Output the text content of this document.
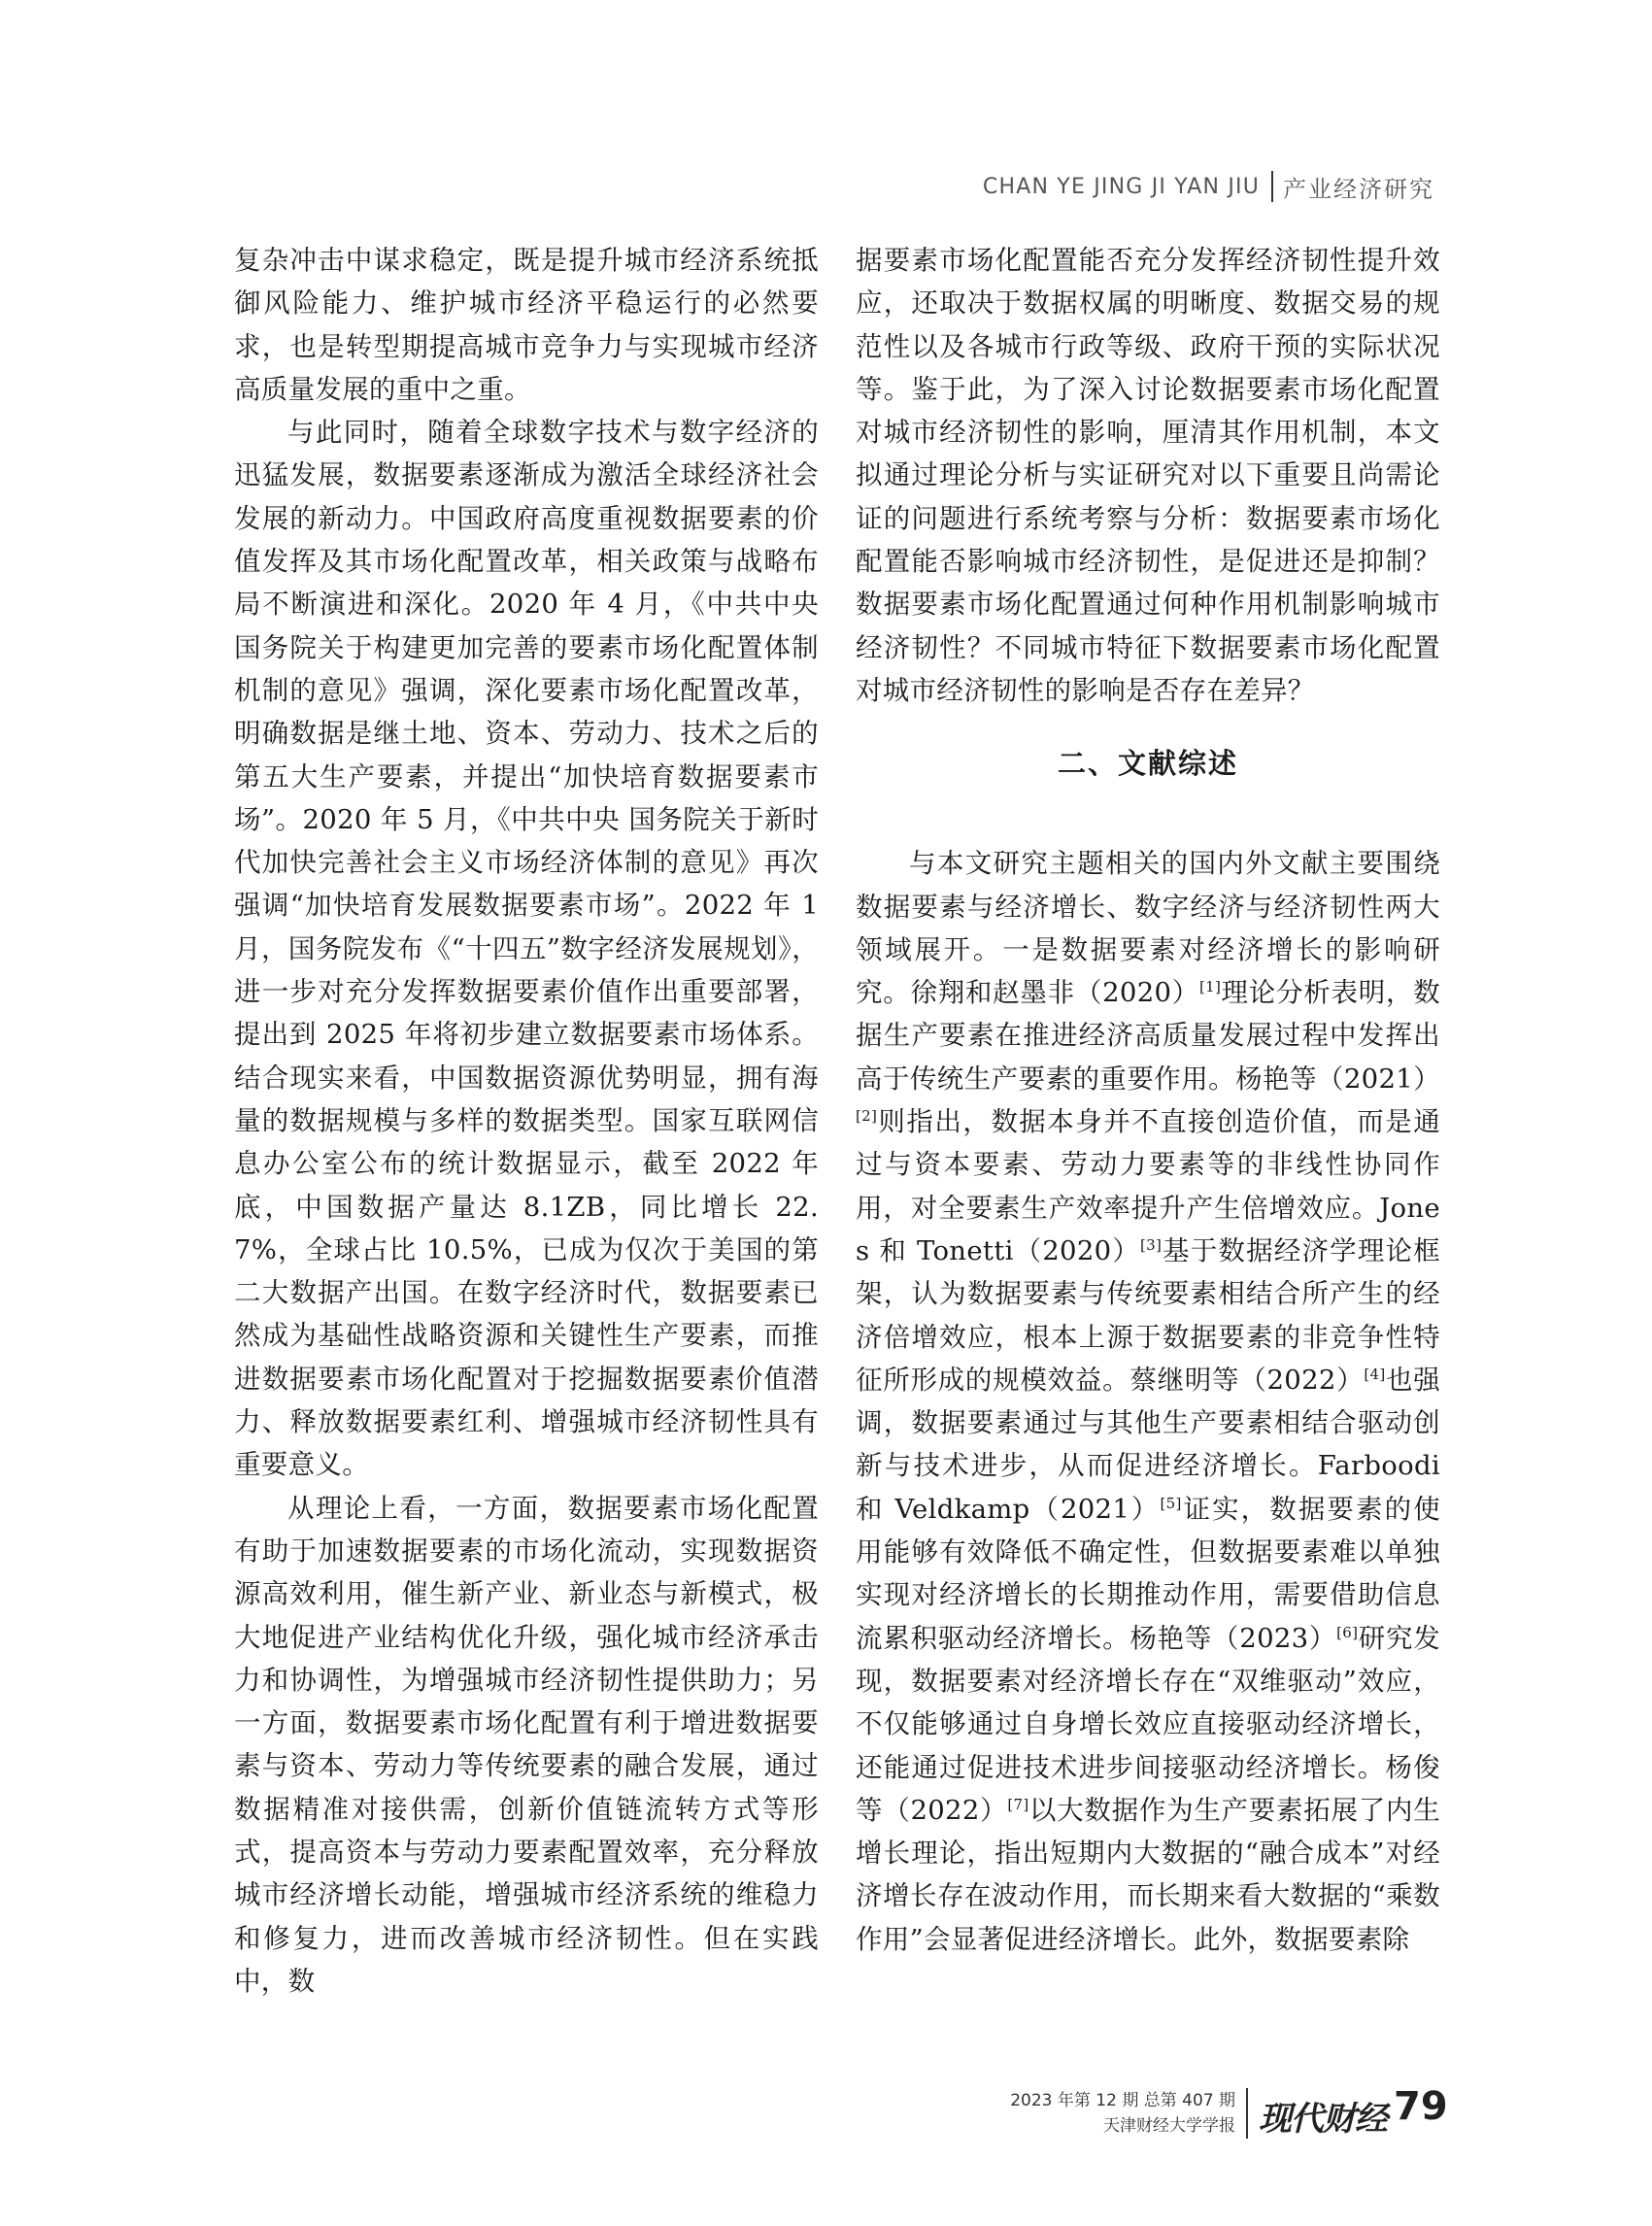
CHAN YE JING JI YAN JIU 产业经济研究

复杂冲击中谋求稳定，既是提升城市经济系统抵御风险能力、维护城市经济平稳运行的必然要求，也是转型期提高城市竞争力与实现城市经济高质量发展的重中之重。

与此同时，随着全球数字技术与数字经济的迅猛发展，数据要素逐渐成为激活全球经济社会发展的新动力。中国政府高度重视数据要素的价值发挥及其市场化配置改革，相关政策与战略布局不断演进和深化。2020 年 4 月，《中共中央国务院关于构建更加完善的要素市场化配置体制机制的意见》强调，深化要素市场化配置改革，明确数据是继土地、资本、劳动力、技术之后的第五大生产要素，并提出“加快培育数据要素市场”。2020 年 5 月，《中共中央 国务院关于新时代加快完善社会主义市场经济体制的意见》再次强调“加快培育发展数据要素市场”。2022 年 1 月，国务院发布《“十四五”数字经济发展规划》，进一步对充分发挥数据要素价值作出重要部署，提出到 2025 年将初步建立数据要素市场体系。结合现实来看，中国数据资源优势明显，拥有海量的数据规模与多样的数据类型。国家互联网信息办公室公布的统计数据显示，截至 2022 年底，中国数据产量达 8.1ZB，同比增长 22.7%，全球占比 10.5%，已成为仅次于美国的第二大数据产出国。在数字经济时代，数据要素已然成为基础性战略资源和关键性生产要素，而推进数据要素市场化配置对于挖掘数据要素价值潜力、释放数据要素红利、增强城市经济韧性具有重要意义。

从理论上看，一方面，数据要素市场化配置有助于加速数据要素的市场化流动，实现数据资源高效利用，催生新产业、新业态与新模式，极大地促进产业结构优化升级，强化城市经济承击力和协调性，为增强城市经济韧性提供助力；另一方面，数据要素市场化配置有利于增进数据要素与资本、劳动力等传统要素的融合发展，通过数据精准对接供需，创新价值链流转方式等形式，提高资本与劳动力要素配置效率，充分释放城市经济增长动能，增强城市经济系统的维稳力和修复力，进而改善城市经济韧性。但在实践中，数

据要素市场化配置能否充分发挥经济韧性提升效应，还取决于数据权属的明晰度、数据交易的规范性以及各城市行政等级、政府干预的实际状况等。鉴于此，为了深入讨论数据要素市场化配置对城市经济韧性的影响，厘清其作用机制，本文拟通过理论分析与实证研究对以下重要且尚需论证的问题进行系统考察与分析：数据要素市场化配置能否影响城市经济韧性，是促进还是抑制？数据要素市场化配置通过何种作用机制影响城市经济韧性？不同城市特征下数据要素市场化配置对城市经济韧性的影响是否存在差异？

二、文献综述

与本文研究主题相关的国内外文献主要围绕数据要素与经济增长、数字经济与经济韧性两大领域展开。一是数据要素对经济增长的影响研究。徐翔和赵墨非（2020）[1]理论分析表明，数据生产要素在推进经济高质量发展过程中发挥出高于传统生产要素的重要作用。杨艳等（2021）[2]则指出，数据本身并不直接创造价值，而是通过与资本要素、劳动力要素等的非线性协同作用，对全要素生产效率提升产生倍增效应。Jones 和 Tonetti（2020）[3]基于数据经济学理论框架，认为数据要素与传统要素相结合所产生的经济倍增效应，根本上源于数据要素的非竞争性特征所形成的规模效益。蔡继明等（2022）[4]也强调，数据要素通过与其他生产要素相结合驱动创新与技术进步，从而促进经济增长。Farboodi 和 Veldkamp（2021）[5]证实，数据要素的使用能够有效降低不确定性，但数据要素难以单独实现对经济增长的长期推动作用，需要借助信息流累积驱动经济增长。杨艳等（2023）[6]研究发现，数据要素对经济增长存在“双维驱动”效应，不仅能够通过自身增长效应直接驱动经济增长，还能通过促进技术进步间接驱动经济增长。杨俊等（2022）[7]以大数据作为生产要素拓展了内生增长理论，指出短期内大数据的“融合成本”对经济增长存在波动作用，而长期来看大数据的“乘数作用”会显著促进经济增长。此外，数据要素除

2023 年第 12 期 总第 407 期
天津财经大学学报 现代财经 79
